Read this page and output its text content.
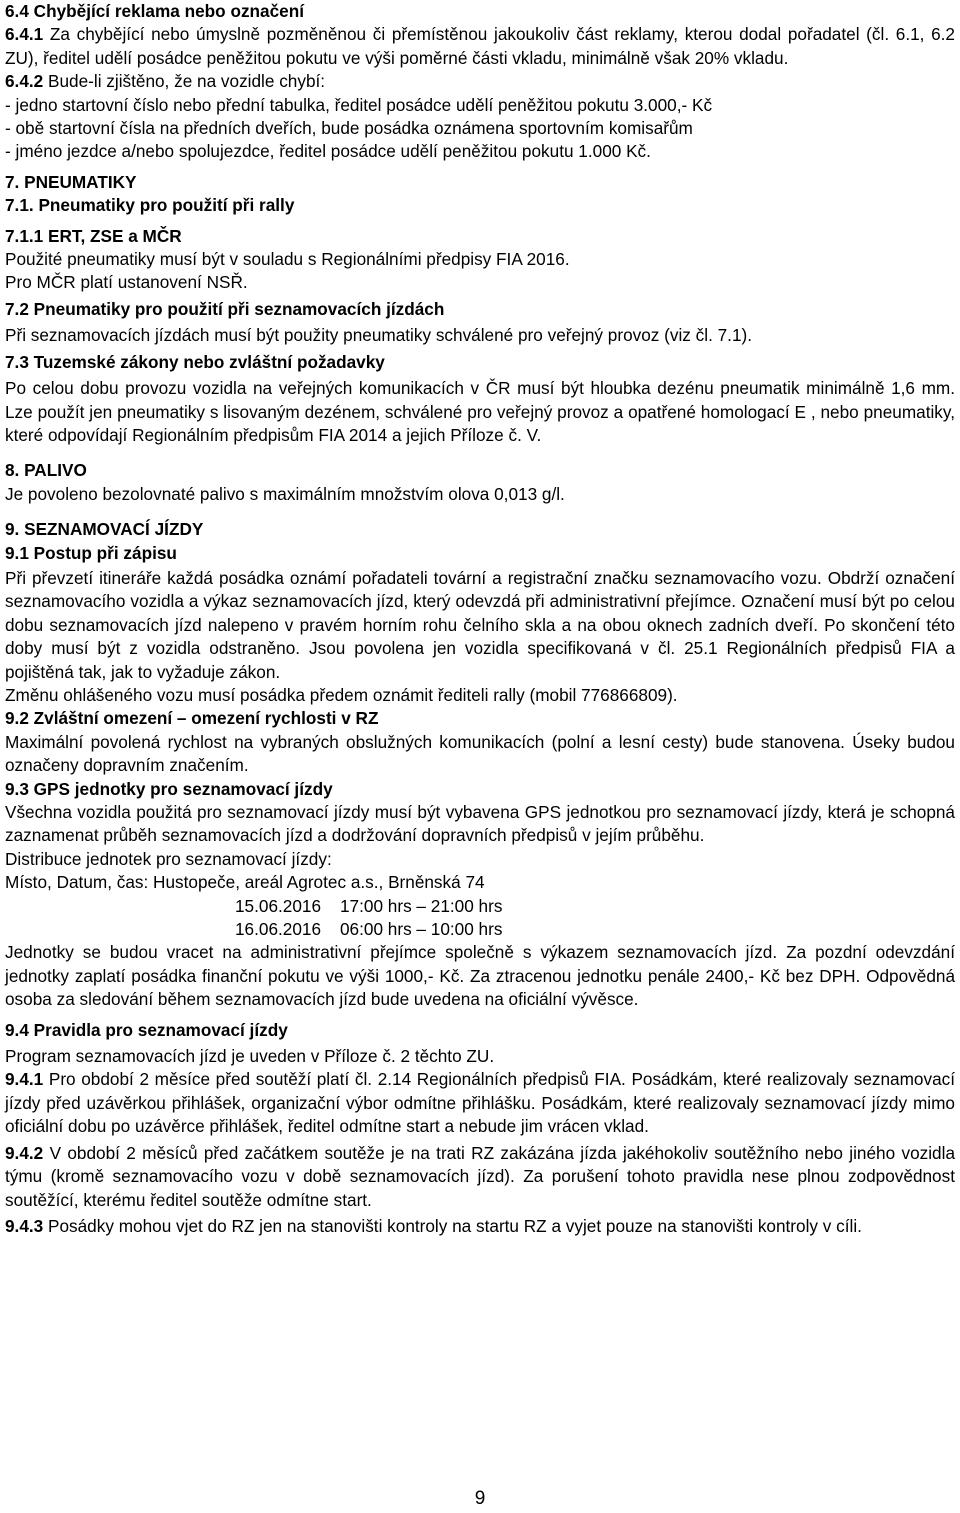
6.4 Chybějící reklama nebo označení

6.4.1 Za chybějící nebo úmyslně pozměněnou či přemístěnou jakoukoliv část reklamy, kterou dodal pořadatel (čl. 6.1, 6.2 ZU), ředitel udělí posádce peněžitou pokutu ve výši poměrné části vkladu, minimálně však 20% vkladu.

6.4.2 Bude-li zjištěno, že na vozidle chybí:

- jedno startovní číslo nebo přední tabulka, ředitel posádce udělí peněžitou pokutu 3.000,- Kč

- obě startovní čísla na předních dveřích, bude posádka oznámena sportovním komisařům

- jméno jezdce a/nebo spolujezdce, ředitel posádce udělí peněžitou pokutu 1.000 Kč.

7. PNEUMATIKY

7.1. Pneumatiky pro použití při rally

7.1.1 ERT, ZSE a MČR

Použité pneumatiky musí být v souladu s Regionálními předpisy FIA 2016.

Pro MČR platí ustanovení NSŘ.

7.2 Pneumatiky pro použití při seznamovacích jízdách

Při seznamovacích jízdách musí být použity pneumatiky schválené pro veřejný provoz (viz čl. 7.1).

7.3 Tuzemské zákony nebo zvláštní požadavky

Po celou dobu provozu vozidla na veřejných komunikacích v ČR musí být hloubka dezénu pneumatik minimálně 1,6 mm. Lze použít jen pneumatiky s lisovaným dezénem, schválené pro veřejný provoz a opatřené homologací E , nebo pneumatiky, které odpovídají Regionálním předpisům FIA 2014 a jejich Příloze č. V.

8. PALIVO

Je povoleno bezolovnaté palivo s maximálním množstvím olova 0,013 g/l.

9. SEZNAMOVACÍ JÍZDY

9.1 Postup při zápisu

Při převzetí itineráře každá posádka oznámí pořadateli tovární a registrační značku seznamovacího vozu. Obdrží označení seznamovacího vozidla a výkaz seznamovacích jízd, který odevzdá při administrativní přejímce. Označení musí být po celou dobu seznamovacích jízd nalepeno v pravém horním rohu čelního skla a na obou oknech zadních dveří. Po skončení této doby musí být z vozidla odstraněno. Jsou povolena jen vozidla specifikovaná v čl. 25.1 Regionálních předpisů FIA a pojištěná tak, jak to vyžaduje zákon.

Změnu ohlášeného vozu musí posádka předem oznámit řediteli rally (mobil 776866809).

9.2 Zvláštní omezení – omezení rychlosti v RZ

Maximální povolená rychlost na vybraných obslužných komunikacích (polní a lesní cesty) bude stanovena. Úseky budou označeny dopravním značením.

9.3 GPS jednotky pro seznamovací jízdy

Všechna vozidla použitá pro seznamovací jízdy musí být vybavena GPS jednotkou pro seznamovací jízdy, která je schopná zaznamenat průběh seznamovacích jízd a dodržování dopravních předpisů v jejím průběhu.

Distribuce jednotek pro seznamovací jízdy:

Místo, Datum, čas: Hustopeče, areál Agrotec a.s., Brněnská 74

15.06.2016 17:00 hrs – 21:00 hrs

16.06.2016 06:00 hrs – 10:00 hrs

Jednotky se budou vracet na administrativní přejímce společně s výkazem seznamovacích jízd. Za pozdní odevzdání jednotky zaplatí posádka finanční pokutu ve výši 1000,- Kč. Za ztracenou jednotku penále 2400,- Kč bez DPH. Odpovědná osoba za sledování během seznamovacích jízd bude uvedena na oficiální vývěsce.

9.4 Pravidla pro seznamovací jízdy

Program seznamovacích jízd je uveden v Příloze č. 2 těchto ZU.

9.4.1 Pro období 2 měsíce před soutěží platí čl. 2.14 Regionálních předpisů FIA. Posádkám, které realizovaly seznamovací jízdy před uzávěrkou přihlášek, organizační výbor odmítne přihlášku. Posádkám, které realizovaly seznamovací jízdy mimo oficiální dobu po uzávěrce přihlášek, ředitel odmítne start a nebude jim vrácen vklad.

9.4.2 V období 2 měsíců před začátkem soutěže je na trati RZ zakázána jízda jakéhokoliv soutěžního nebo jiného vozidla týmu (kromě seznamovacího vozu v době seznamovacích jízd). Za porušení tohoto pravidla nese plnou zodpovědnost soutěžící, kterému ředitel soutěže odmítne start.

9.4.3 Posádky mohou vjet do RZ jen na stanovišti kontroly na startu RZ a vyjet pouze na stanovišti kontroly v cíli.

9
